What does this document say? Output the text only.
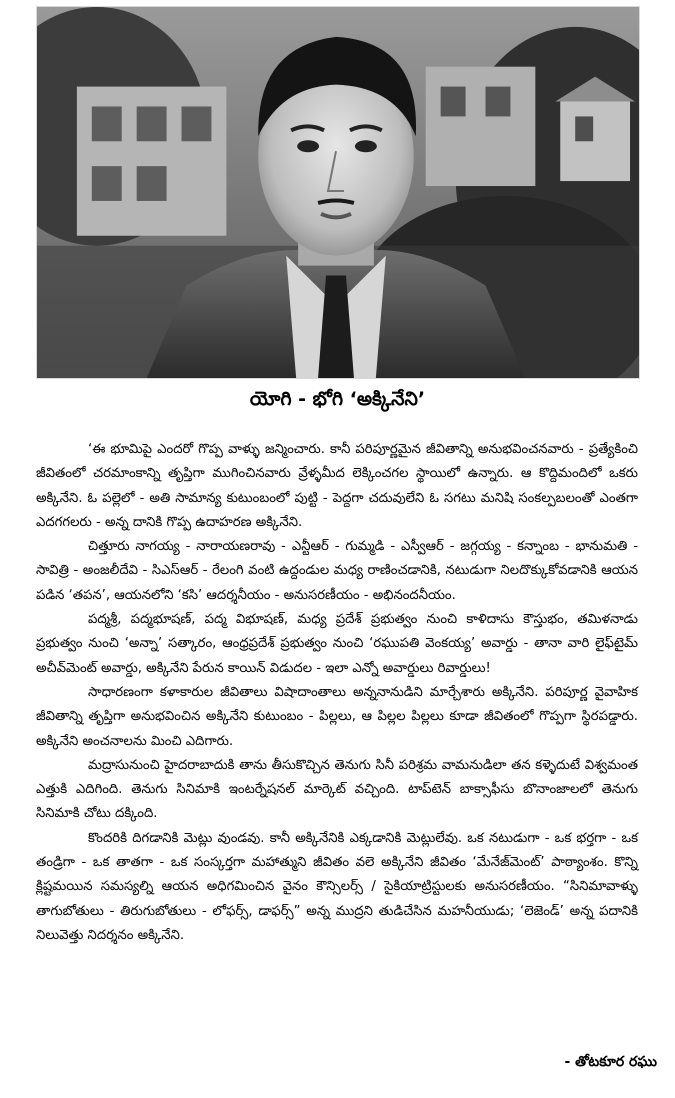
యోగి - భోగి ‘అక్కినేని’

‘ఈ భూమిపై ఎందరో గొప్ప వాళ్ళు జన్మించారు. కానీ పరిపూర్ణమైన జీవితాన్ని అనుభవించనవారు - ప్రత్యేకించి జీవితంలో చరమాంకాన్ని తృప్తిగా ముగించినవారు వ్రేళ్ళమీద లెక్కించగల స్థాయిలో ఉన్నారు. ఆ కొద్దిమందిలో ఒకరు అక్కినేని. ఓ పల్లెలో - అతి సామాన్య కుటుంబంలో పుట్టి - పెద్దగా చదువులేని ఓ సగటు మనిషి సంకల్పబలంతో ఎంతగా ఎదగగలరు - అన్న దానికి గొప్ప ఉదాహరణ అక్కినేని.

చిత్తూరు నాగయ్య - నారాయణరావు - ఎన్టీఆర్ - గుమ్మడి - ఎస్వీఆర్ - జగ్గయ్య - కన్నాంబ - భానుమతి - సావిత్రి - అంజలీదేవి - సిఎస్ఆర్ - రేలంగి వంటి ఉద్దండుల మధ్య రాణించడానికి, నటుడుగా నిలదొక్కుకోవడానికి ఆయన పడిన ‘తపన’, ఆయనలోని ‘కసి’ ఆదర్శనీయం - అనుసరణీయం - అభినందనీయం.

పద్మశ్రీ, పద్మభూషణ్, పద్మ విభూషణ్, మధ్య ప్రదేశ్ ప్రభుత్వం నుంచి కాళిదాసు కౌస్తుభం, తమిళనాడు ప్రభుత్వం నుంచి ‘అన్నా’ సత్కారం, ఆంధ్రప్రదేశ్ ప్రభుత్వం నుంచి ‘రఘుపతి వెంకయ్య’ అవార్డు - తానా వారి లైఫ్‌టైమ్ అచీవ్‌మెంట్ అవార్డు, అక్కినేని పేరున కాయిన్ విడుదల - ఇలా ఎన్నో అవార్డులు రివార్డులు!

సాధారణంగా కళాకారుల జీవితాలు విషాదాంతాలు అన్ననానుడిని మార్చేశారు అక్కినేని. పరిపూర్ణ వైవాహిక జీవితాన్ని తృప్తిగా అనుభవించిన అక్కినేని కుటుంబం - పిల్లలు, ఆ పిల్లల పిల్లలు కూడా జీవితంలో గొప్పగా స్థిరపడ్డారు. అక్కినేని అంచనాలను మించి ఎదిగారు.

మద్రాసునుంచి హైదరాబాదుకి తాను తీసుకొచ్చిన తెనుగు సినీ పరిశ్రమ వామనుడిలా తన కళ్ళెదుటే విశ్వమంత ఎత్తుకి ఎదిగింది. తెనుగు సినిమాకి ఇంటర్నేషనల్ మార్కెట్ వచ్చింది. టాప్‌టెన్ బాక్సాఫీసు బొనాంజాలలో తెనుగు సినిమాకి చోటు దక్కింది.

కొందరికి దిగడానికి మెట్లు వుండవు. కానీ అక్కినేనికి ఎక్కడానికి మెట్లులేవు. ఒక నటుడుగా - ఒక భర్తగా - ఒక తండ్రిగా - ఒక తాతగా - ఒక సంస్కర్తగా మహాత్ముని జీవితం వలె అక్కినేని జీవితం ‘మేనేజ్‌మెంట్’ పాఠ్యాంశం. కొన్ని క్లిష్టమయిన సమస్యల్ని ఆయన అధిగమించిన వైనం కౌన్సిలర్స్ / సైకియాట్రిస్టులకు అనుసరణీయం. “సినిమావాళ్ళు తాగుబోతులు - తిరుగుబోతులు - లోఫర్స్, డాఫర్స్” అన్న ముద్రని తుడిచేసిన మహనీయుడు; ‘లెజెండ్’ అన్న పదానికి నిలువెత్తు నిదర్శనం అక్కినేని.

- తోటకూర రఘు
